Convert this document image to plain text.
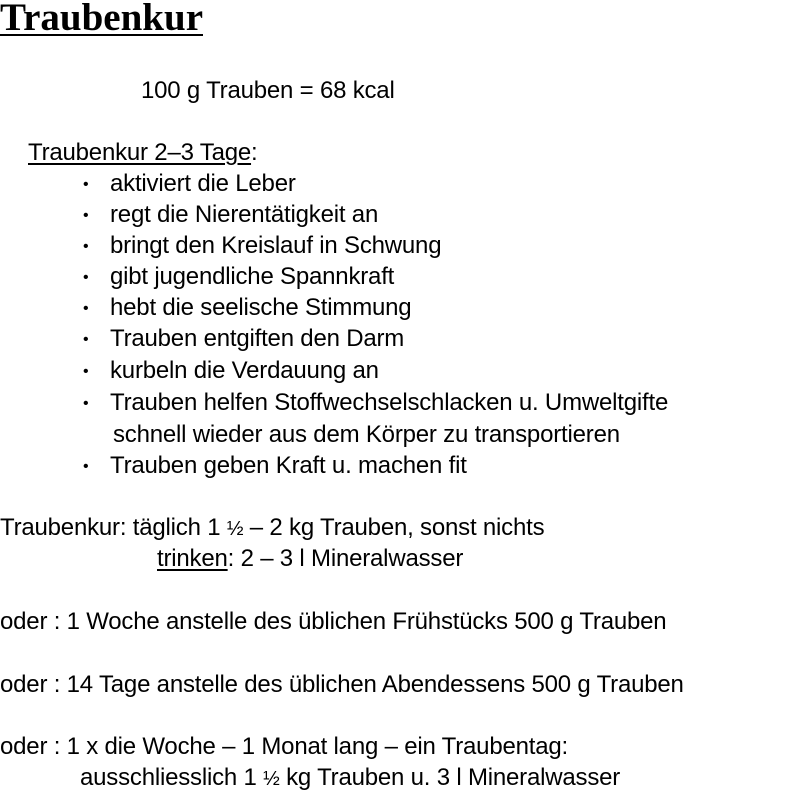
Traubenkur
100 g Trauben = 68 kcal
Traubenkur 2–3 Tage:
• aktiviert die Leber
• regt die Nierentätigkeit an
• bringt den Kreislauf in Schwung
• gibt jugendliche Spannkraft
• hebt die seelische Stimmung
• Trauben entgiften den Darm
• kurbeln die Verdauung an
• Trauben helfen Stoffwechselschlacken u. Umweltgifte
schnell wieder aus dem Körper zu transportieren
• Trauben geben Kraft u. machen fit
Traubenkur: täglich 1 ½ – 2 kg Trauben, sonst nichts
trinken: 2 – 3 l Mineralwasser
oder : 1 Woche anstelle des üblichen Frühstücks 500 g Trauben
oder : 14 Tage anstelle des üblichen Abendessens 500 g Trauben
oder : 1 x die Woche – 1 Monat lang – ein Traubentag:
ausschliesslich 1 ½ kg Trauben u. 3 l Mineralwasser
